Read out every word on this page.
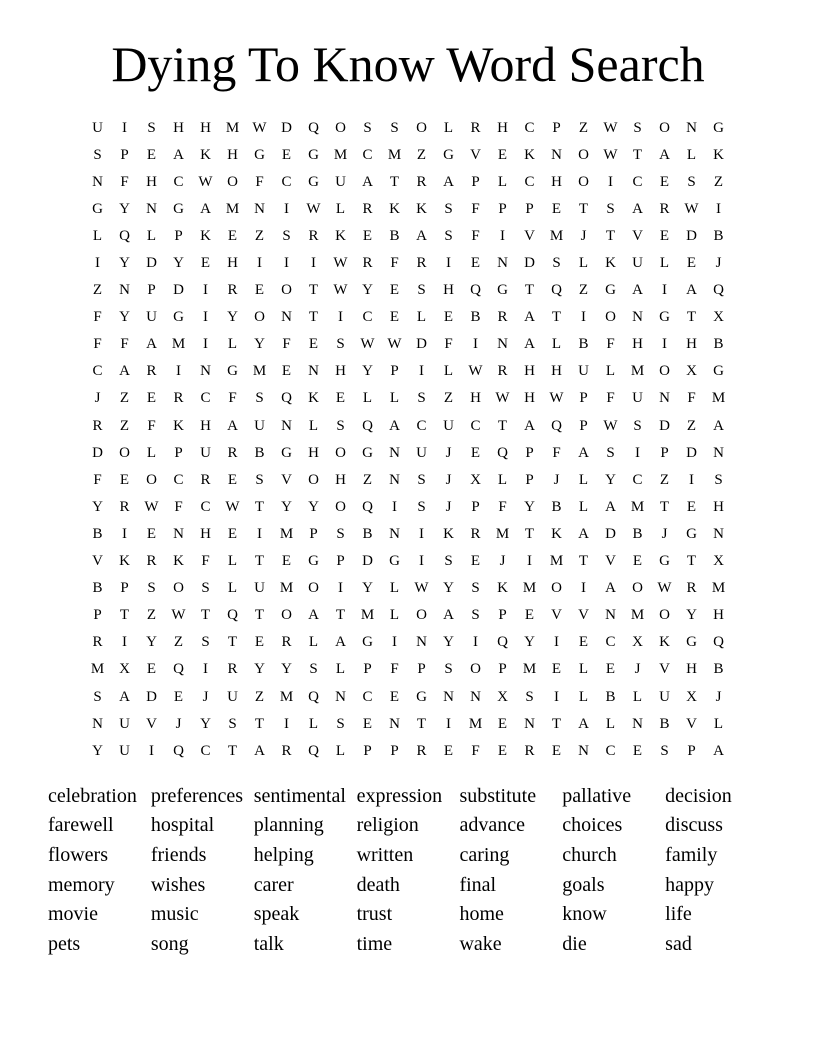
Dying To Know Word Search
U	I	S	H	H M W D	Q	O	S	S	O	L	R	H	C	P	Z	W	S	O	N	G
S	P	E	A	K	H	G	E	G M	C	M	Z	G	V	E	K	N	O W	T	A	L	K
N	F	H	C W O	F	C	G	U	A	T	R	A	P	L	C	H	O	I	C	E	S	Z
G	Y	N	G	A M N	I	W	L	R	K	K	S	F	P	P	E	T	S	A	R W	I
L	Q	L	P	K	E	Z	S	R	K	E	B	A	S	F	I	V M	J	T	V	E	D	B
I	Y	D	Y	E	H	I	I	I	W R	F	R	I	E	N	D	S	L	K	U	L	E	J
Z	N	P	D	I	R	E	O	T	W Y	E	S	H	Q	G	T	Q	Z	G	A	I	A	Q
F	Y	U	G	I	Y	O	N	T	I	C	E	L	E	B	R	A	T	I	O	N	G	T	X
F	F	A M	I	L	Y	F	E	S	W W D	F	I	N	A	L	B	F	H	I	H	B
C	A	R	I	N	G M	E	N	H	Y	P	I	L	W R	H	H	U	L	M O	X	G
J	Z	E	R	C	F	S	Q	K	E	L	L	S	Z	H W H W	P	F	U	N	F	M
R	Z	F	K	H	A	U	N	L	S	Q	A	C	U	C	T	A	Q	P	W	S	D	Z	A
D	O	L	P	U	R	B	G	H	O	G	N	U	J	E	Q	P	F	A	S	I	P	D	N
F	E	O	C	R	E	S	V	O	H	Z	N	S	J	X	L	P	J	L	Y	C	Z	I	S
Y	R W	F	C W	T	Y	Y	O	Q	I	S	J	P	F	Y	B	L	A M	T	E	H
B	I	E	N	H	E	I	M	P	S	B	N	I	K	R	M	T	K	A	D	B	J	G	N
V	K	R	K	F	L	T	E	G	P	D	G	I	S	E	J	I	M	T	V	E	G	T	X
B	P	S	O	S	L	U M O	I	Y	L	W Y	S	K M O	I	A	O W R	M
P	T	Z	W	T	Q	T	O	A	T	M	L	O	A	S	P	E	V	V	N M O	Y	H
R	I	Y	Z	S	T	E	R	L	A	G	I	N	Y	I	Q	Y	I	E	C	X	K	G	Q
M X	E	Q	I	R	Y	Y	S	L	P	F	P	S	O	P	M	E	L	E	J	V	H	B
S	A	D	E	J	U	Z	M Q	N	C	E	G	N	N	X	S	I	L	B	L	U	X	J
N	U	V	J	Y	S	T	I	L	S	E	N	T	I	M	E	N	T	A	L	N	B	V	L
Y	U	I	Q	C	T	A	R	Q	L	P	P	R	E	F	E	R	E	N	C	E	S	P	A
celebration preferences sentimental expression substitute	pallative	decision
farewell	hospital	planning	religion	advance	choices	discuss
flowers	friends	helping	written	caring	church	family
memory	wishes	carer	death	final	goals	happy
movie	music	speak	trust	home	know	life
pets	song	talk	time	wake	die	sad
